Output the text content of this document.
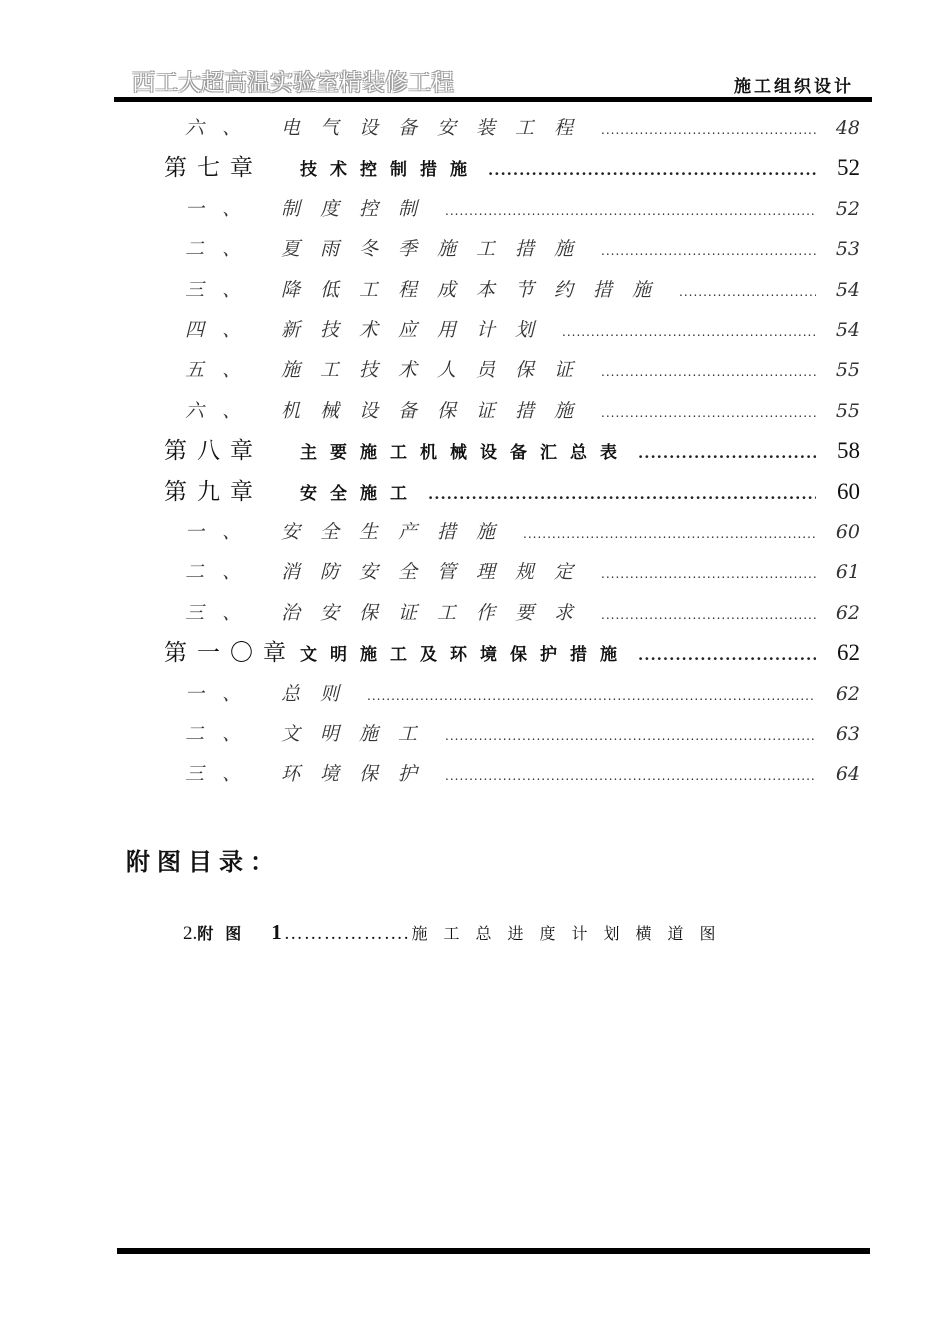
西工大超高温实验室精装修工程	施工组织设计
六、	电气设备安装工程 .....	48
第七章	技术控制措施 .....	52
一、	制度控制 .....	52
二、	夏雨冬季施工措施 .....	53
三、	降低工程成本节约措施 .....	54
四、	新技术应用计划 .....	54
五、	施工技术人员保证 .....	55
六、	机械设备保证措施 .....	55
第八章	主要施工机械设备汇总表 .....	58
第九章	安全施工 .....	60
一、	安全生产措施 .....	60
二、	消防安全管理规定 .....	61
三、	治安保证工作要求 .....	62
第一〇章 文明施工及环境保护措施 .....	62
一、	总则 .....	62
二、	文明施工 .....	63
三、	环境保护 .....	64
附图目录：
2. 附图 1 ………………. 施工总进度计划横道图
